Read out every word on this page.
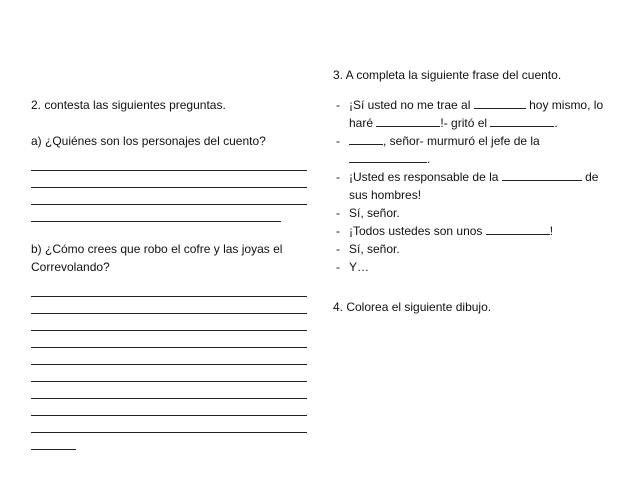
2. contesta las siguientes preguntas.
a) ¿Quiénes son los personajes del cuento?
b) ¿Cómo crees que robo el cofre y las joyas el Correvolando?
3. A completa la siguiente frase del cuento.
- ¡Sí usted no me trae al	hoy mismo, lo haré	!- gritó el	.
-	, señor- murmuró el jefe de la .
- ¡Usted es responsable de la	de sus hombres!
- Sí, señor.
- ¡Todos ustedes son unos	!
- Sí, señor.
- Y…
4. Colorea el siguiente dibujo.
